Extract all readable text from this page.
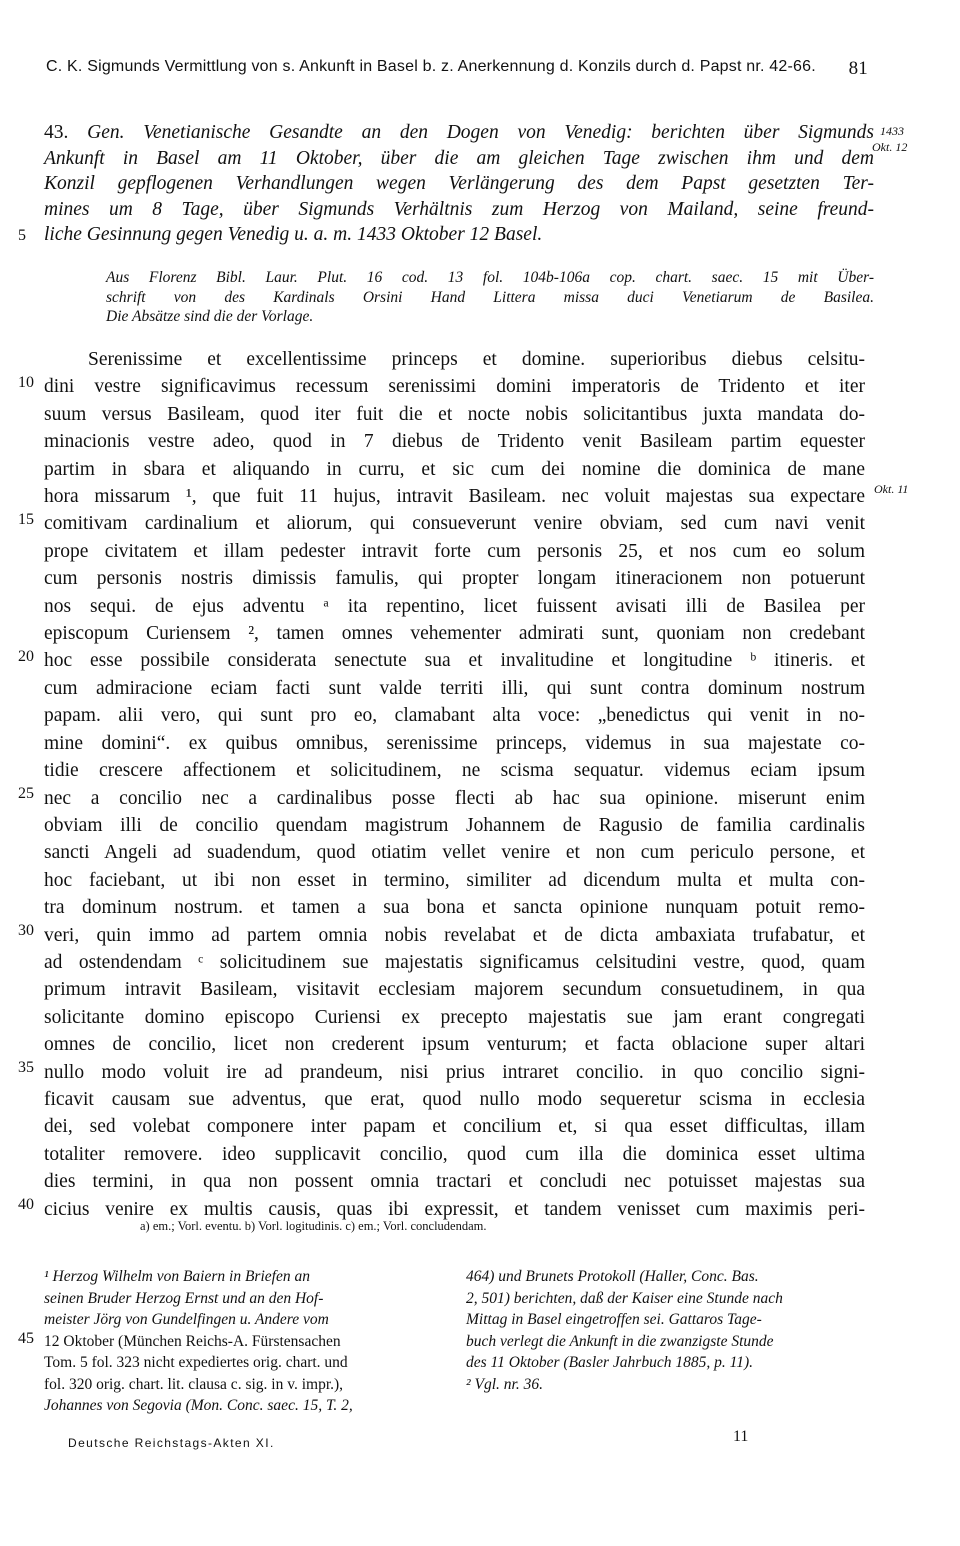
C. K. Sigmunds Vermittlung von s. Ankunft in Basel b. z. Anerkennung d. Konzils durch d. Papst nr. 42-66. 81
43. Gen. Venetianische Gesandte an den Dogen von Venedig: berichten über Sigmunds
Ankunft in Basel am 11 Oktober, über die am gleichen Tage zwischen ihm und dem
Konzil gepflogenen Verhandlungen wegen Verlängerung des dem Papst gesetzten Ter-
mines um 8 Tage, über Sigmunds Verhältnis zum Herzog von Mailand, seine freund-
liche Gesinnung gegen Venedig u. a. m. 1433 Oktober 12 Basel.
1433
Okt. 12
5
Aus Florenz Bibl. Laur. Plut. 16 cod. 13 fol. 104b-106a cop. chart. saec. 15 mit Über-
schrift von des Kardinals Orsini Hand Littera missa duci Venetiarum de Basilea.
Die Absätze sind die der Vorlage.
Serenissime et excellentissime princeps et domine. superioribus diebus celsitu-
dini vestre significavimus recessum serenissimi domini imperatoris de Tridento et iter
suum versus Basileam, quod iter fuit die et nocte nobis solicitantibus juxta mandata do-
minacionis vestre adeo, quod in 7 diebus de Tridento venit Basileam partim equester
partim in sbara et aliquando in curru, et sic cum dei nomine die dominica de mane
hora missarum ¹, que fuit 11 hujus, intravit Basileam. nec voluit majestas sua expectare
comitivam cardinalium et aliorum, qui consueverunt venire obviam, sed cum navi venit
prope civitatem et illam pedester intravit forte cum personis 25, et nos cum eo solum
cum personis nostris dimissis famulis, qui propter longam itineracionem non potuerunt
nos sequi. de ejus adventu ᵃ ita repentino, licet fuissent avisati illi de Basilea per
episcopum Curiensem ², tamen omnes vehementer admirati sunt, quoniam non credebant
hoc esse possibile considerata senectute sua et invalitudine et longitudine ᵇ itineris. et
cum admiracione eciam facti sunt valde territi illi, qui sunt contra dominum nostrum
papam. alii vero, qui sunt pro eo, clamabant alta voce: „benedictus qui venit in no-
mine domini“. ex quibus omnibus, serenissime princeps, videmus in sua majestate co-
tidie crescere affectionem et solicitudinem, ne scisma sequatur. videmus eciam ipsum
nec a concilio nec a cardinalibus posse flecti ab hac sua opinione. miserunt enim
obviam illi de concilio quendam magistrum Johannem de Ragusio de familia cardinalis
sancti Angeli ad suadendum, quod otiatim vellet venire et non cum periculo persone, et
hoc faciebant, ut ibi non esset in termino, similiter ad dicendum multa et multa con-
tra dominum nostrum. et tamen a sua bona et sancta opinione nunquam potuit remo-
veri, quin immo ad partem omnia nobis revelabat et de dicta ambaxiata trufabatur, et
ad ostendendam ᶜ solicitudinem sue majestatis significamus celsitudini vestre, quod, quam
primum intravit Basileam, visitavit ecclesiam majorem secundum consuetudinem, in qua
solicitante domino episcopo Curiensi ex precepto majestatis sue jam erant congregati
omnes de concilio, licet non crederent ipsum venturum; et facta oblacione super altari
nullo modo voluit ire ad prandeum, nisi prius intraret concilio. in quo concilio signi-
ficavit causam sue adventus, que erat, quod nullo modo sequeretur scisma in ecclesia
dei, sed volebat componere inter papam et concilium et, si qua esset difficultas, illam
totaliter removere. ideo supplicavit concilio, quod cum illa die dominica esset ultima
dies termini, in qua non possent omnia tractari et concludi nec potuisset majestas sua
cicius venire ex multis causis, quas ibi expressit, et tandem venisset cum maximis peri-
Okt. 11
10
15
20
25
30
35
40
a) em.; Vorl. eventu. b) Vorl. logitudinis. c) em.; Vorl. concludendam.
¹ Herzog Wilhelm von Baiern in Briefen an
seinen Bruder Herzog Ernst und an den Hof-
meister Jörg von Gundelfingen u. Andere vom
12 Oktober (München Reichs-A. Fürstensachen
Tom. 5 fol. 323 nicht expediertes orig. chart. und
fol. 320 orig. chart. lit. clausa c. sig. in v. impr.),
Johannes von Segovia (Mon. Conc. saec. 15, T. 2,
45
464) und Brunets Protokoll (Haller, Conc. Bas.
2, 501) berichten, daß der Kaiser eine Stunde nach
Mittag in Basel eingetroffen sei. Gattaros Tage-
buch verlegt die Ankunft in die zwanzigste Stunde
des 11 Oktober (Basler Jahrbuch 1885, p. 11).
² Vgl. nr. 36.
Deutsche Reichstags-Akten XI.	11
